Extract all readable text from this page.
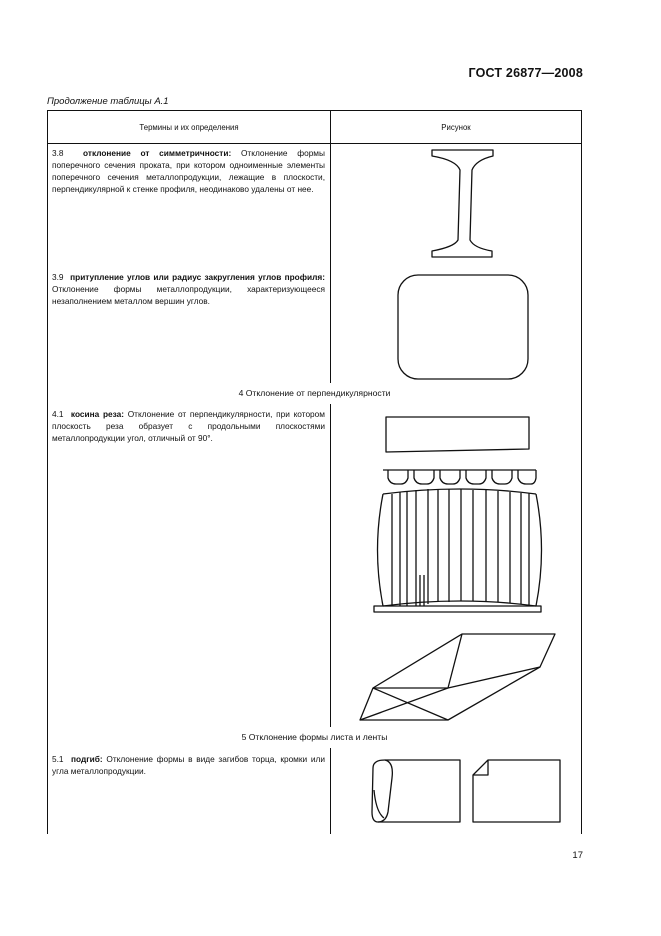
ГОСТ 26877—2008
Продолжение таблицы А.1
Термины и их определения	Рисунок
3.8 отклонение от симметричности: Отклонение формы поперечного сечения проката, при котором одноименные элементы поперечного сечения металлопродукции, лежащие в плоскости, перпендикулярной к стенке профиля, неодинаково удалены от нее.
3.9 притупление углов или радиус закругления углов профиля: Отклонение формы металлопродукции, характеризующееся незаполнением металлом вершин углов.
4 Отклонение от перпендикулярности
4.1 косина реза: Отклонение от перпендикулярности, при котором плоскость реза образует с продольными плоскостями металлопродукции угол, отличный от 90°.
5 Отклонение формы листа и ленты
5.1 подгиб: Отклонение формы в виде загибов торца, кромки или угла металлопродукции.
17
